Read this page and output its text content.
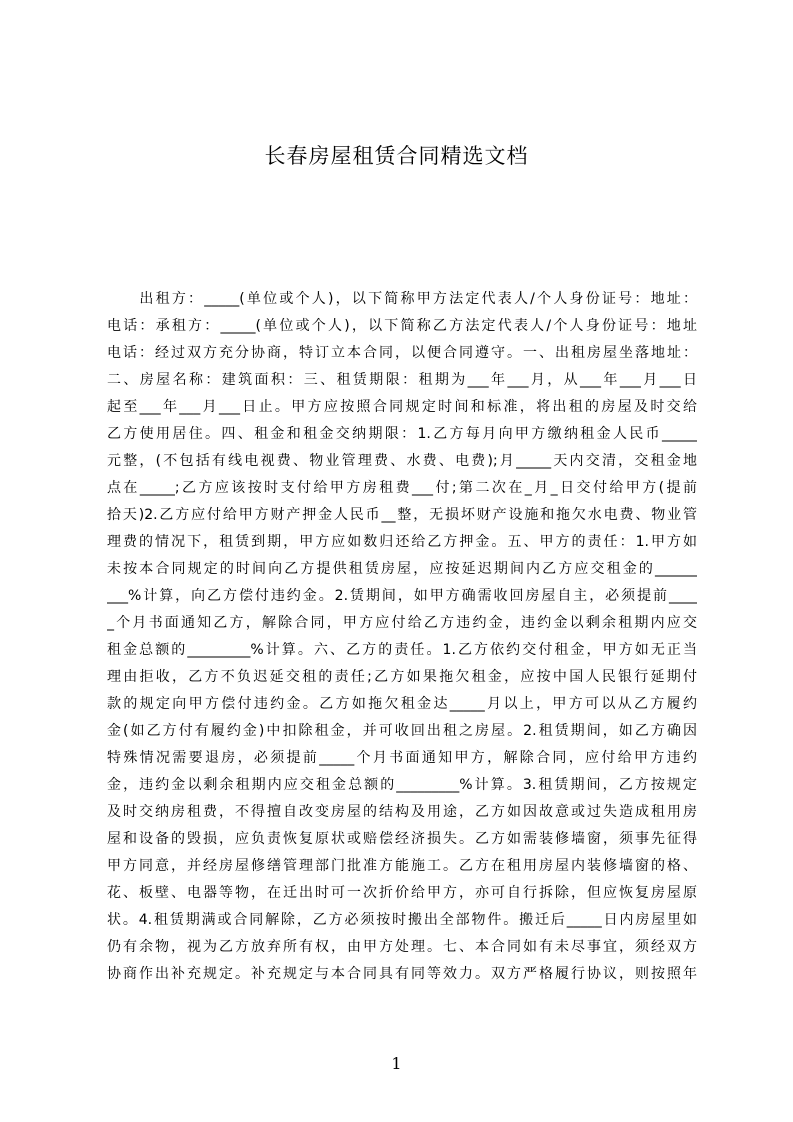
长春房屋租赁合同精选文档
　　出租方：_____(单位或个人)，以下简称甲方法定代表人/个人身份证号：地址：
电话：承租方：_____(单位或个人)，以下简称乙方法定代表人/个人身份证号：地址
电话：经过双方充分协商，特订立本合同，以便合同遵守。一、出租房屋坐落地址：
二、房屋名称：建筑面积：三、租赁期限：租期为___年___月，从___年___月___日
起至___年___月___日止。甲方应按照合同规定时间和标准，将出租的房屋及时交给
乙方使用居住。四、租金和租金交纳期限：1.乙方每月向甲方缴纳租金人民币_____
元整，(不包括有线电视费、物业管理费、水费、电费);月_____天内交清，交租金地
点在_____;乙方应该按时支付给甲方房租费___付;第二次在_月_日交付给甲方(提前
拾天)2.乙方应付给甲方财产押金人民币__整，无损坏财产设施和拖欠水电费、物业管
理费的情况下，租赁到期，甲方应如数归还给乙方押金。五、甲方的责任：1.甲方如
未按本合同规定的时间向乙方提供租赁房屋，应按延迟期间内乙方应交租金的______
___%计算，向乙方偿付违约金。2.赁期间，如甲方确需收回房屋自主，必须提前____
_个月书面通知乙方，解除合同，甲方应付给乙方违约金，违约金以剩余租期内应交
租金总额的_________%计算。六、乙方的责任。1.乙方依约交付租金，甲方如无正当
理由拒收，乙方不负迟延交租的责任;乙方如果拖欠租金，应按中国人民银行延期付
款的规定向甲方偿付违约金。乙方如拖欠租金达_____月以上，甲方可以从乙方履约
金(如乙方付有履约金)中扣除租金，并可收回出租之房屋。2.租赁期间，如乙方确因
特殊情况需要退房，必须提前_____个月书面通知甲方，解除合同，应付给甲方违约
金，违约金以剩余租期内应交租金总额的_________%计算。3.租赁期间，乙方按规定
及时交纳房租费，不得擅自改变房屋的结构及用途，乙方如因故意或过失造成租用房
屋和设备的毁损，应负责恢复原状或赔偿经济损失。乙方如需装修墙窗，须事先征得
甲方同意，并经房屋修缮管理部门批准方能施工。乙方在租用房屋内装修墙窗的格、
花、板壁、电器等物，在迁出时可一次折价给甲方，亦可自行拆除，但应恢复房屋原
状。4.租赁期满或合同解除，乙方必须按时搬出全部物件。搬迁后_____日内房屋里如
仍有余物，视为乙方放弃所有权，由甲方处理。七、本合同如有未尽事宜，须经双方
协商作出补充规定。补充规定与本合同具有同等效力。双方严格履行协议，则按照年
1
